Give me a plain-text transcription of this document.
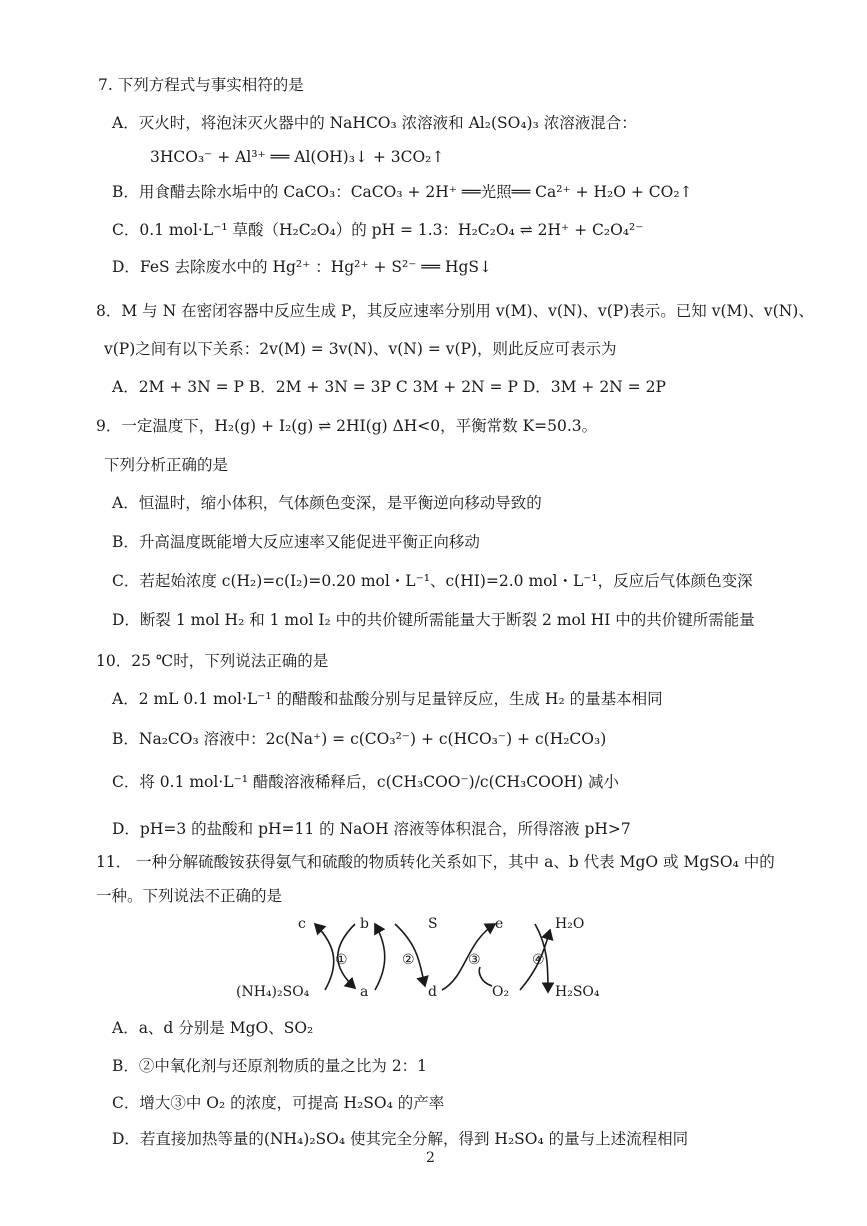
7. 下列方程式与事实相符的是
A．灭火时，将泡沫灭火器中的 NaHCO₃ 浓溶液和 Al₂(SO₄)₃ 浓溶液混合：
3HCO₃⁻ + Al³⁺ ══ Al(OH)₃↓ + 3CO₂↑
B．用食醋去除水垢中的 CaCO₃：CaCO₃ + 2H⁺ ══光照══ Ca²⁺ + H₂O + CO₂↑
C．0.1 mol·L⁻¹ 草酸（H₂C₂O₄）的 pH = 1.3：H₂C₂O₄ ⇌ 2H⁺ + C₂O₄²⁻
D．FeS 去除废水中的 Hg²⁺ ：Hg²⁺ + S²⁻ ══ HgS↓
8．M 与 N 在密闭容器中反应生成 P，其反应速率分别用 v(M)、v(N)、v(P)表示。已知 v(M)、v(N)、
v(P)之间有以下关系：2v(M) = 3v(N)、v(N) = v(P)，则此反应可表示为
A．2M + 3N = P B．2M + 3N = 3P C 3M + 2N = P D．3M + 2N = 2P
9．一定温度下，H₂(g) + I₂(g) ⇌ 2HI(g) ΔH<0，平衡常数 K=50.3。
下列分析正确的是
A．恒温时，缩小体积，气体颜色变深，是平衡逆向移动导致的
B．升高温度既能增大反应速率又能促进平衡正向移动
C．若起始浓度 c(H₂)=c(I₂)=0.20 mol・L⁻¹、c(HI)=2.0 mol・L⁻¹，反应后气体颜色变深
D．断裂 1 mol H₂ 和 1 mol I₂ 中的共价键所需能量大于断裂 2 mol HI 中的共价键所需能量
10．25 ℃时，下列说法正确的是
A．2 mL 0.1 mol·L⁻¹ 的醋酸和盐酸分别与足量锌反应，生成 H₂ 的量基本相同
B．Na₂CO₃ 溶液中：2c(Na⁺) = c(CO₃²⁻) + c(HCO₃⁻) + c(H₂CO₃)
C．将 0.1 mol·L⁻¹ 醋酸溶液稀释后，c(CH₃COO⁻)/c(CH₃COOH) 减小
D．pH=3 的盐酸和 pH=11 的 NaOH 溶液等体积混合，所得溶液 pH>7
11． 一种分解硫酸铵获得氨气和硫酸的物质转化关系如下，其中 a、b 代表 MgO 或 MgSO₄ 中的
一种。下列说法不正确的是
c	b	S	e	H₂O
①	②	③	④
(NH₄)₂SO₄	a	d	O₂	H₂SO₄
A．a、d 分别是 MgO、SO₂
B．②中氧化剂与还原剂物质的量之比为 2：1
C．增大③中 O₂ 的浓度，可提高 H₂SO₄ 的产率
D．若直接加热等量的(NH₄)₂SO₄ 使其完全分解，得到 H₂SO₄ 的量与上述流程相同
2
